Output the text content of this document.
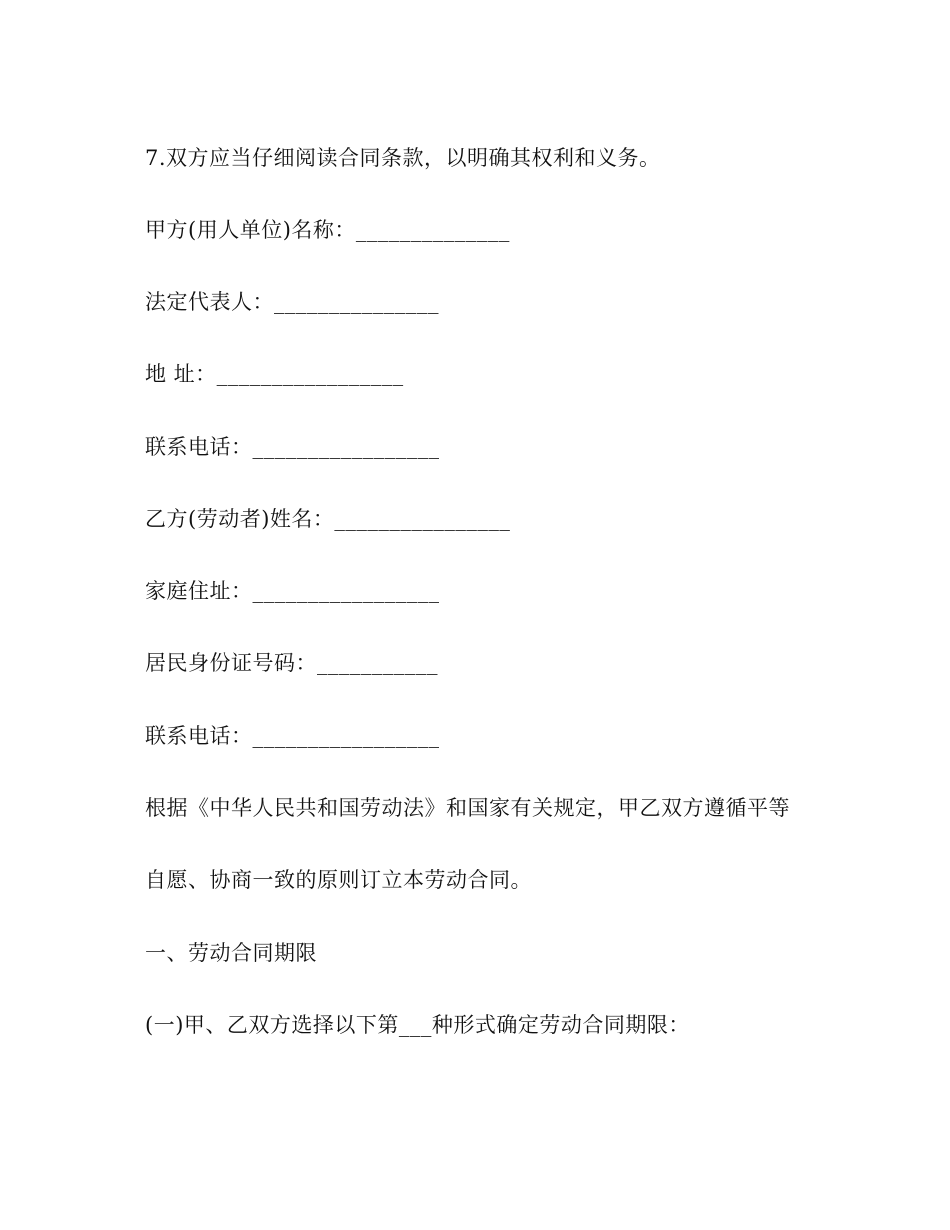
7.双方应当仔细阅读合同条款，以明确其权利和义务。
甲方(用人单位)名称：______________
法定代表人：_______________
地 址：_________________
联系电话：_________________
乙方(劳动者)姓名：________________
家庭住址：_________________
居民身份证号码：___________
联系电话：_________________
根据《中华人民共和国劳动法》和国家有关规定，甲乙双方遵循平等
自愿、协商一致的原则订立本劳动合同。
一、劳动合同期限
(一)甲、乙双方选择以下第___种形式确定劳动合同期限：
